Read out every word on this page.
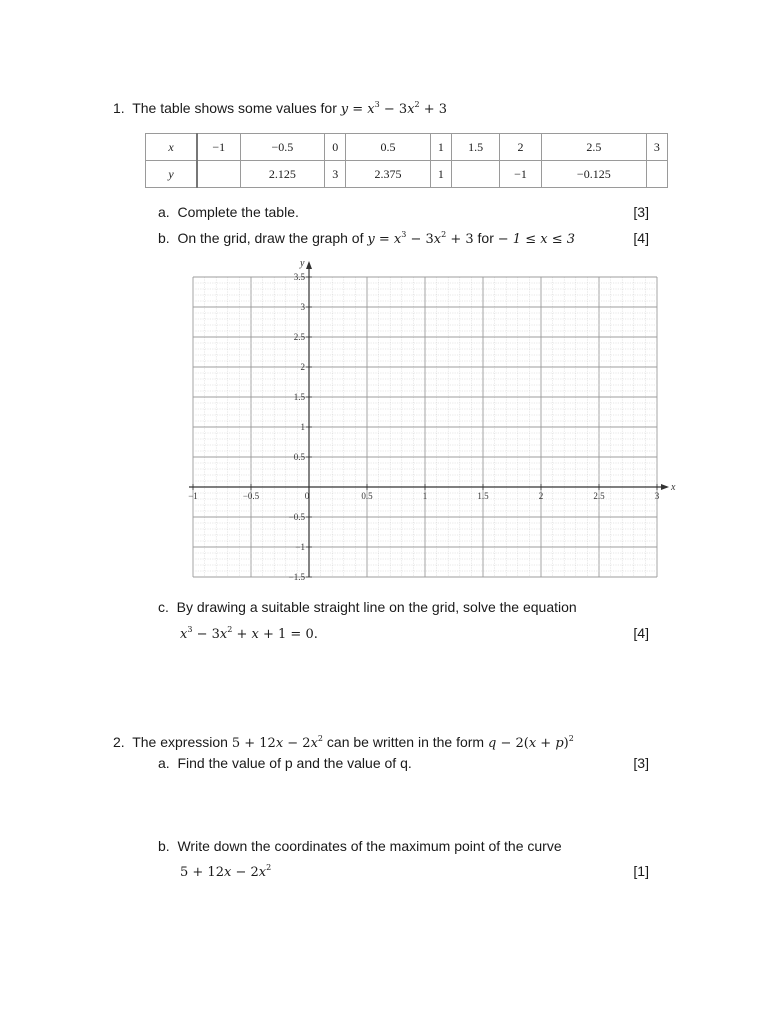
1. The table shows some values for $y = x^3 - 3x^2 + 3$
x	−1	−0.5	0	0.5	1	1.5	2	2.5	3
y		2.125	3	2.375	1		−1	−0.125	
a. Complete the table.	[3]
b. On the grid, draw the graph of $y = x^3 - 3x^2 + 3$ for − 1 ≤ x ≤ 3	[4]
x
y
−1	−0.5	0	0.5	1	1.5	2	2.5	3
3.5
3
2.5
2
1.5
1
0.5
−0.5
−1
−1.5
c. By drawing a suitable straight line on the grid, solve the equation
$x^3 - 3x^2 + x + 1 = 0$.	[4]
2. The expression $5 + 12x - 2x^2$ can be written in the form $q - 2(x + p)^2$
a. Find the value of p and the value of q.	[3]
b. Write down the coordinates of the maximum point of the curve
$5 + 12x - 2x^2$	[1]
